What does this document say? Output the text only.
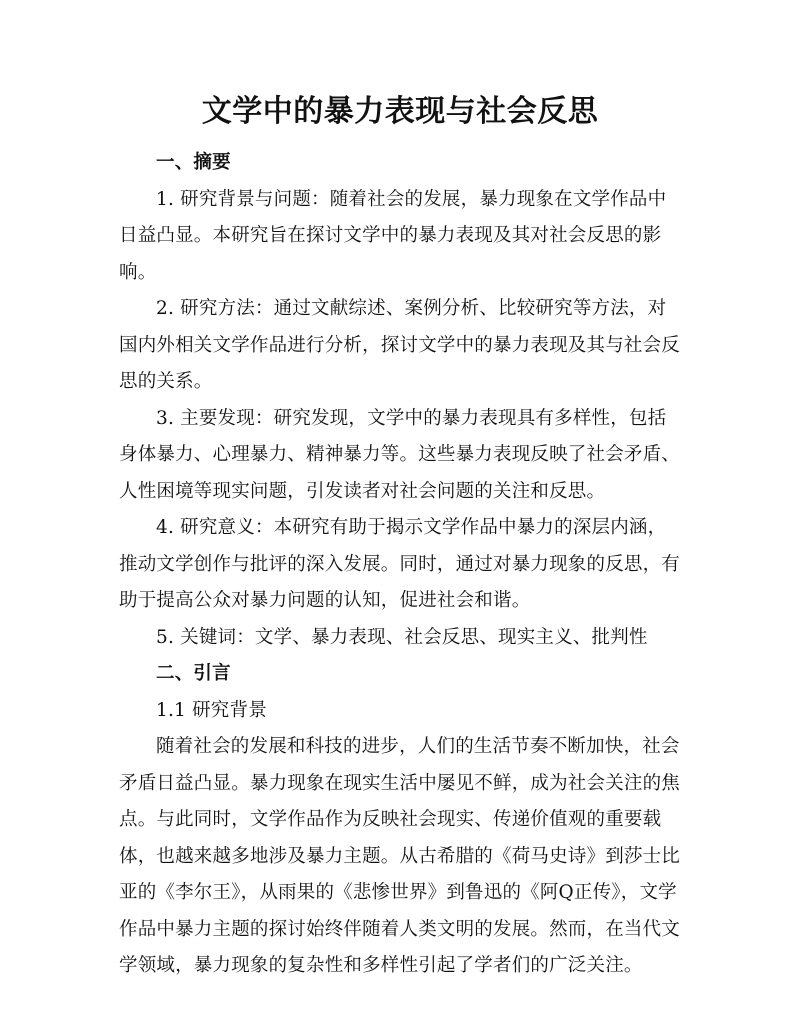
文学中的暴力表现与社会反思
一、摘要

1. 研究背景与问题：随着社会的发展，暴力现象在文学作品中日益凸显。本研究旨在探讨文学中的暴力表现及其对社会反思的影响。

2. 研究方法：通过文献综述、案例分析、比较研究等方法，对国内外相关文学作品进行分析，探讨文学中的暴力表现及其与社会反思的关系。

3. 主要发现：研究发现，文学中的暴力表现具有多样性，包括身体暴力、心理暴力、精神暴力等。这些暴力表现反映了社会矛盾、人性困境等现实问题，引发读者对社会问题的关注和反思。

4. 研究意义：本研究有助于揭示文学作品中暴力的深层内涵，推动文学创作与批评的深入发展。同时，通过对暴力现象的反思，有助于提高公众对暴力问题的认知，促进社会和谐。

5. 关键词：文学、暴力表现、社会反思、现实主义、批判性

二、引言
1.1 研究背景

随着社会的发展和科技的进步，人们的生活节奏不断加快，社会矛盾日益凸显。暴力现象在现实生活中屡见不鲜，成为社会关注的焦点。与此同时，文学作品作为反映社会现实、传递价值观的重要载体，也越来越多地涉及暴力主题。从古希腊的《荷马史诗》到莎士比亚的《李尔王》，从雨果的《悲惨世界》到鲁迅的《阿Q正传》，文学作品中暴力主题的探讨始终伴随着人类文明的发展。然而，在当代文学领域，暴力现象的复杂性和多样性引起了学者们的广泛关注。
